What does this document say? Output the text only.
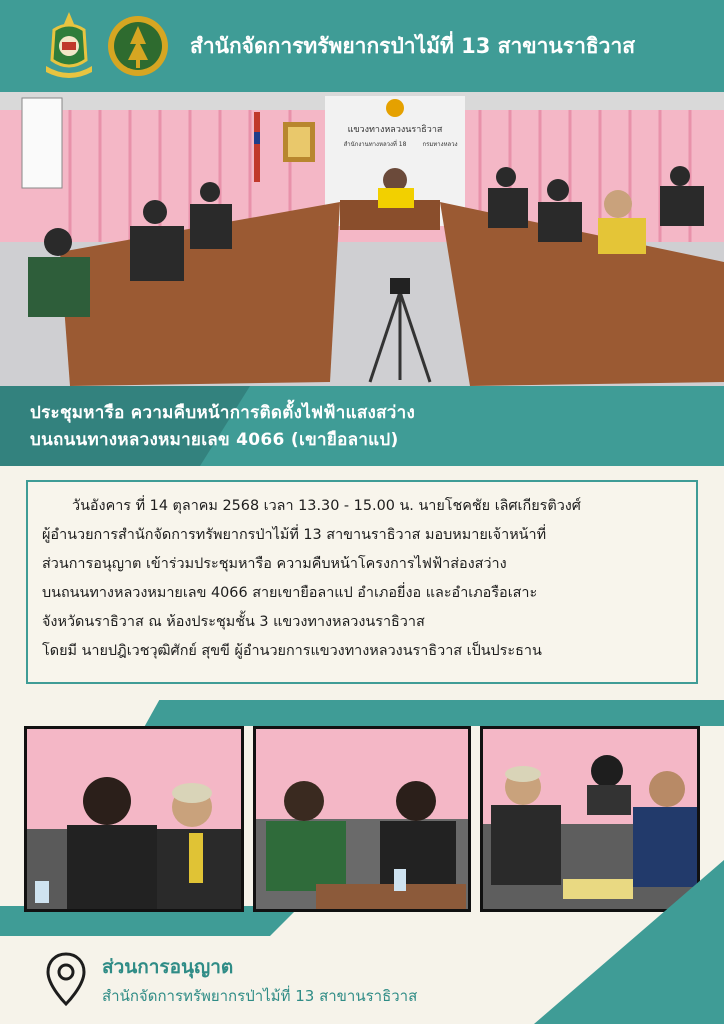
สำนักจัดการทรัพยากรป่าไม้ที่ 13 สาขานราธิวาส
แขวงทางหลวงนราธิวาส
สำนักงานทางหลวงที่ 18	กรมทางหลวง
ประชุมหารือ ความคืบหน้าการติดตั้งไฟฟ้าแสงสว่าง
บนถนนทางหลวงหมายเลข 4066 (เขายือลาแป)

วันอังคาร ที่ 14 ตุลาคม 2568 เวลา 13.30 - 15.00 น. นายโชคชัย เลิศเกียรติวงศ์

ผู้อำนวยการสำนักจัดการทรัพยากรป่าไม้ที่ 13 สาขานราธิวาส มอบหมายเจ้าหน้าที่

ส่วนการอนุญาต เข้าร่วมประชุมหารือ ความคืบหน้าโครงการไฟฟ้าส่องสว่าง

บนถนนทางหลวงหมายเลข 4066 สายเขายือลาแป อำเภอยี่งอ และอำเภอรือเสาะ

จังหวัดนราธิวาส ณ ห้องประชุมชั้น 3 แขวงทางหลวงนราธิวาส

โดยมี นายปฎิเวชวุฒิศักย์ สุขขี ผู้อำนวยการแขวงทางหลวงนราธิวาส เป็นประธาน

ส่วนการอนุญาต
สำนักจัดการทรัพยากรป่าไม้ที่ 13 สาขานราธิวาส
